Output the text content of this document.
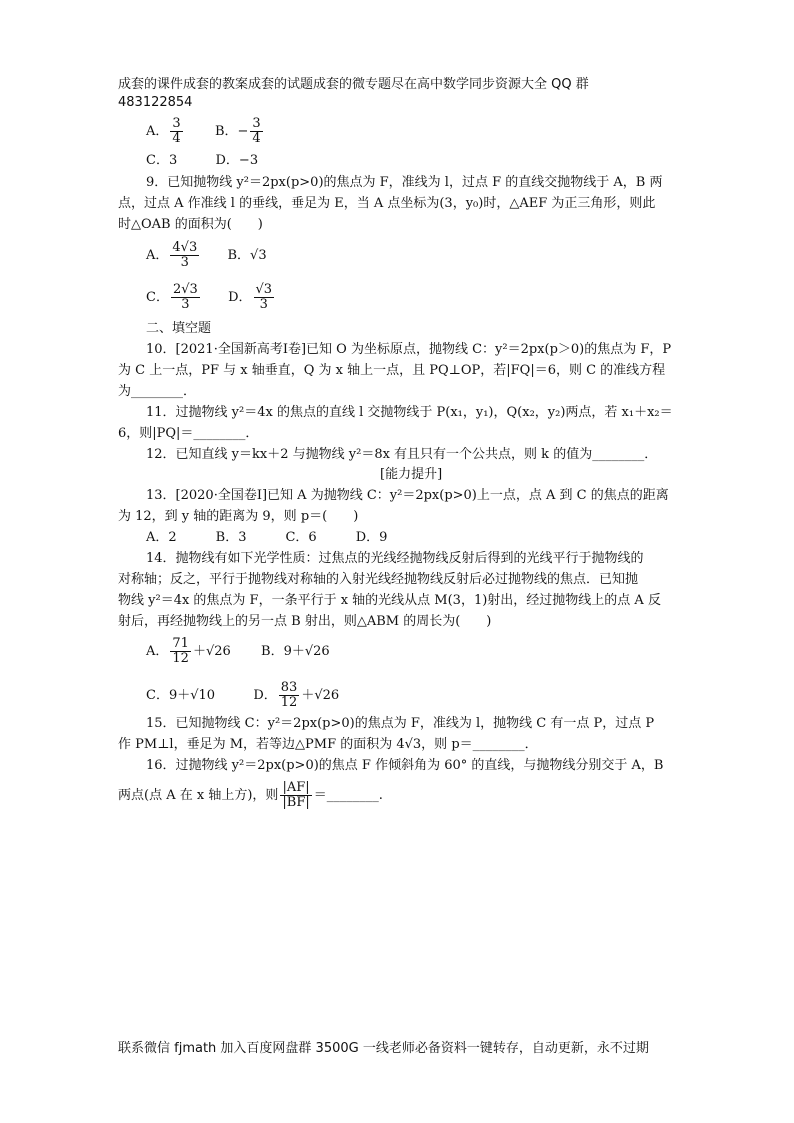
成套的课件成套的教案成套的试题成套的微专题尽在高中数学同步资源大全 QQ 群
483122854
A． $\frac{3}{4}$ B．− $\frac{3}{4}$
C．3	D．−3
9．已知抛物线 y²＝2px(p>0)的焦点为 F，准线为 l，过点 F 的直线交抛物线于 A，B 两
点，过点 A 作准线 l 的垂线，垂足为 E，当 A 点坐标为(3，y₀)时，△AEF 为正三角形，则此
时△OAB 的面积为(　　)
A． $\frac{4√3}{3}$ B．√3
C． $\frac{2√3}{3}$ D． $\frac{√3}{3}$
二、填空题
10．[2021·全国新高考Ⅰ卷]已知 O 为坐标原点，抛物线 C：y²＝2px(p＞0)的焦点为 F，P
为 C 上一点，PF 与 x 轴垂直，Q 为 x 轴上一点，且 PQ⊥OP，若|FQ|＝6，则 C 的准线方程
为________．
11．过抛物线 y²＝4x 的焦点的直线 l 交抛物线于 P(x₁，y₁)，Q(x₂，y₂)两点，若 x₁＋x₂＝
6，则|PQ|＝________．
12．已知直线 y＝kx＋2 与抛物线 y²＝8x 有且只有一个公共点，则 k 的值为________．
[能力提升]
13．[2020·全国卷Ⅰ]已知 A 为抛物线 C：y²＝2px(p>0)上一点，点 A 到 C 的焦点的距离
为 12，到 y 轴的距离为 9，则 p＝(　　)
A．2　　　B．3　　　C．6　　　D．9
14．抛物线有如下光学性质：过焦点的光线经抛物线反射后得到的光线平行于抛物线的
对称轴；反之，平行于抛物线对称轴的入射光线经抛物线反射后必过抛物线的焦点．已知抛
物线 y²＝4x 的焦点为 F，一条平行于 x 轴的光线从点 M(3，1)射出，经过抛物线上的点 A 反
射后，再经抛物线上的另一点 B 射出，则△ABM 的周长为(　　)
A． $\frac{71}{12} +√26$ B．9＋√26
C．9＋√10	D． $\frac{83}{12} +√26$
15．已知抛物线 C：y²＝2px(p>0)的焦点为 F，准线为 l，抛物线 C 有一点 P，过点 P
作 PM⊥l，垂足为 M，若等边△PMF 的面积为 4√3，则 p＝________．
16．过抛物线 y²＝2px(p>0)的焦点 F 作倾斜角为 60° 的直线，与抛物线分别交于 A，B
两点(点 A 在 x 轴上方)，则 $\frac{|AF|}{|BF|}$ ＝________.
联系微信 fjmath 加入百度网盘群 3500G 一线老师必备资料一键转存，自动更新，永不过期
